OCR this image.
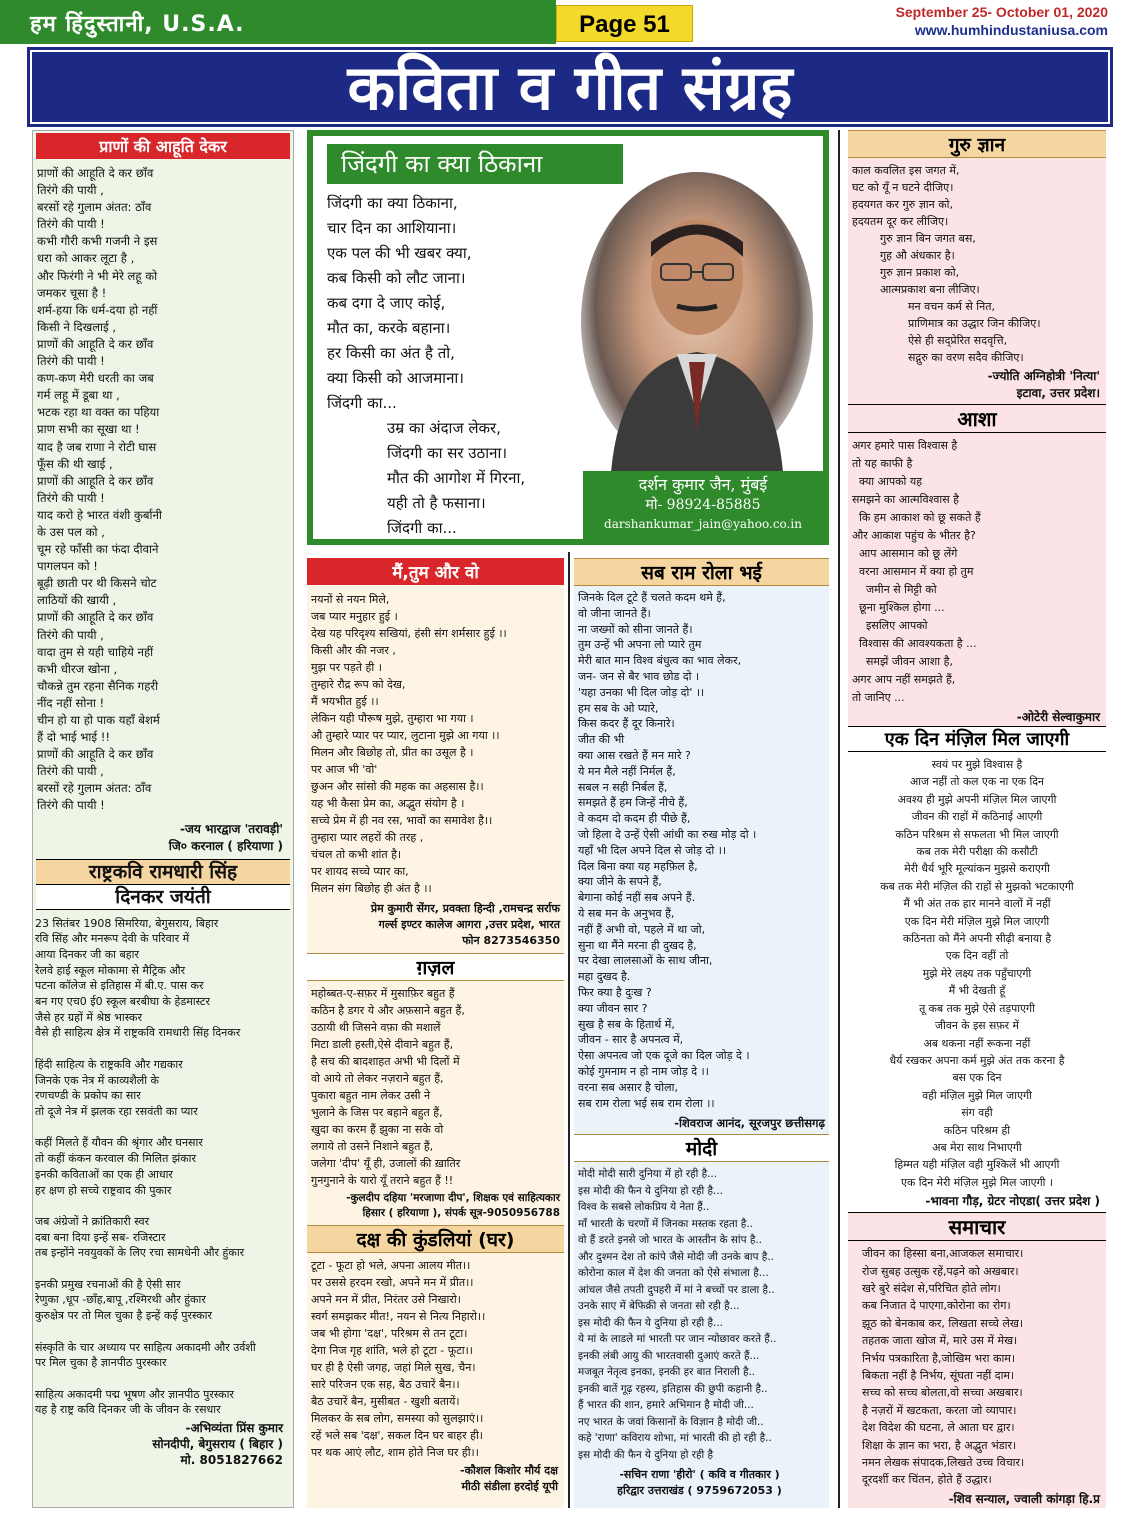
हम हिंदुस्तानी, U.S.A.	Page 51	September 25- October 01, 2020
www.humhindustaniusa.com
कविता व गीत संग्रह
प्राणों की आहूति देकर
प्राणों की आहूति दे कर छाँव
तिरंगे की पायी ,
बरसों रहे गुलाम अंतत: ठाँव
तिरंगे की पायी !
कभी गौरी कभी गजनी ने इस
धरा को आकर लूटा है ,
और फिरंगी ने भी मेरे लहू को
जमकर चूसा है !
शर्म-हया कि धर्म-दया हो नहीं
किसी ने दिखलाई ,
प्राणों की आहूति दे कर छाँव
तिरंगे की पायी !
कण-कण मेरी धरती का जब
गर्म लहू में डूबा था ,
भटक रहा था वक्त का पहिया
प्राण सभी का सूखा था !
याद है जब राणा ने रोटी घास
फूँस की थी खाई ,
प्राणों की आहूति दे कर छाँव
तिरंगे की पायी !
याद करो हे भारत वंशी कुर्बानी
के उस पल को ,
चूम रहे फाँसी का फंदा दीवाने
पागलपन को !
बूढ़ी छाती पर थी किसने चोट
लाठियों की खायी ,
प्राणों की आहूति दे कर छाँव
तिरंगे की पायी ,
वादा तुम से यही चाहिये नहीं
कभी धीरज खोना ,
चौकन्ने तुम रहना सैनिक गहरी
नींद नहीं सोना !
चीन हो या हो पाक यहाँ बेशर्म
हैं दो भाई भाई !!
प्राणों की आहूति दे कर छाँव
तिरंगे की पायी ,
बरसों रहे गुलाम अंतत: ठाँव
तिरंगे की पायी !
-जय भारद्वाज 'तरावड़ी'
जि० करनाल ( हरियाणा )
राष्ट्रकवि रामधारी सिंह
दिनकर जयंती
23 सितंबर 1908 सिमरिया, बेगुसराय, बिहार
रवि सिंह और मनरूप देवी के परिवार में
आया दिनकर जी का बहार
रेलवे हाई स्कूल मोकामा से मैट्रिक और
पटना कॉलेज से इतिहास में बी.ए. पास कर
बन गए एच0 ई0 स्कूल बरबीघा के हेडमास्टर
जैसे हर ग्रहों में श्रेष्ठ भास्कर
वैसे ही साहित्य क्षेत्र में राष्ट्रकवि रामधारी सिंह दिनकर

हिंदी साहित्य के राष्ट्रकवि और गद्यकार
जिनके एक नेत्र में काव्यशैली के
रणचण्डी के प्रकोप का सार
तो दूजे नेत्र में झलक रहा रसवंती का प्यार

कहीं मिलते हैं यौवन की श्रृंगार और घनसार
तो कहीं कंकन करवाल की मिलित झंकार
इनकी कविताओं का एक ही आधार
हर क्षण हो सच्चे राष्ट्रवाद की पुकार

जब अंग्रेजों ने क्रांतिकारी स्वर
दबा बना दिया इन्हें सब- रजिस्टार
तब इन्होंने नवयुवकों के लिए रचा सामधेनी और हुंकार

इनकी प्रमुख रचनाओं की है ऐसी सार
रेणुका ,धूप -छाँह,बापू ,रश्मिरथी और हुंकार
कुरुक्षेत्र पर तो मिल चुका है इन्हें कई पुरस्कार

संस्कृति के चार अध्याय पर साहित्य अकादमी और उर्वशी
पर मिल चुका है ज्ञानपीठ पुरस्कार

साहित्य अकादमी पद्म भूषण और ज्ञानपीठ पुरस्कार
यह है राष्ट्र कवि दिनकर जी के जीवन के रसधार
-अभिव्यंता प्रिंस कुमार
सोनदीपी, बेगुसराय ( बिहार )
मो. 8051827662
जिंदगी का क्या ठिकाना
जिंदगी का क्या ठिकाना,
चार दिन का आशियाना।
एक पल की भी खबर क्या,
कब किसी को लौट जाना।
कब दगा दे जाए कोई,
मौत का, करके बहाना।
हर किसी का अंत है तो,
क्या किसी को आजमाना।
जिंदगी का...
उम्र का अंदाज लेकर,
जिंदगी का सर उठाना।
मौत की आगोश में गिरना,
यही तो है फसाना।
जिंदगी का...
दर्शन कुमार जैन, मुंबई
मो- 98924-85885
darshankumar_jain@yahoo.co.in
मैं,तुम और वो
नयनों से नयन मिले,
जब प्यार मनुहार हुई ।
देख यह परिदृश्य सखियां, हंसी संग शर्मसार हुई ।।
किसी और की नजर ,
मुझ पर पड़ते ही ।
तुम्हारे रौद्र रूप को देख,
मैं भयभीत हुई ।।
लेकिन यही पौरूष मुझे, तुम्हारा भा गया ।
औ तुम्हारे प्यार पर प्यार, लुटाना मुझे आ गया ।।
मिलन और बिछोह तो, प्रीत का उसूल है ।
पर आज भी 'वो'
छुअन और सांसो की महक का अहसास है।।
यह भी कैसा प्रेम का, अद्भुत संयोग है ।
सच्चे प्रेम में ही नव रस, भावों का समावेश है।।
तुम्हारा प्यार लहरों की तरह ,
चंचल तो कभी शांत है।
पर शायद सच्चे प्यार का,
मिलन संग बिछोह ही अंत है ।।
प्रेम कुमारी सेंगर, प्रवक्ता हिन्दी ,रामचन्द्र सर्राफ
गर्ल्स इण्टर कालेज आगरा ,उत्तर प्रदेश, भारत
फोन 8273546350
ग़ज़ल
महोब्बत-ए-सफ़र में मुसाफ़िर बहुत हैं
कठिन है डगर ये और अफ़साने बहुत हैं,
उठायी थी जिसने वफ़ा की मशालें
मिटा डाली हस्ती,ऐसे दीवाने बहुत हैं,
है सच की बादशाहत अभी भी दिलों में
वो आये तो लेकर नज़राने बहुत हैं,
पुकारा बहुत नाम लेकर उसी ने
भुलाने के जिस पर बहाने बहुत हैं,
खुदा का करम हैं झुका ना सके वो
लगाये तो उसने निशाने बहुत हैं,
जलेगा 'दीप' यूँ ही, उजालों की ख़ातिर
गुनगुनाने के यारो यूँ तराने बहुत हैं !!
-कुलदीप दहिया 'मरजाणा दीप', शिक्षक एवं साहित्यकार
हिसार ( हरियाणा ), संपर्क सूत्र-9050956788
दक्ष की कुंडलियां (घर)
टूटा - फूटा हो भले, अपना आलय मीत।।
पर उससे हरदम रखो, अपने मन में प्रीत।।
अपने मन में प्रीत, निरंतर उसे निखारो।
स्वर्ग समझकर मीत!, नयन से नित्य निहारो।।
जब भी होगा 'दक्ष', परिश्रम से तन टूटा।
देगा निज गृह शांति, भले हो टूटा - फूटा।।
घर ही है ऐसी जगह, जहां मिले सुख, चैन।
सारे परिजन एक सह, बैठ उचारें बैन।।
बैठ उचारें बैन, मुसीबत - खुशी बतायें।
मिलकर के सब लोग, समस्या को सुलझाएं।।
रहें भले सब 'दक्ष', सकल दिन घर बाहर ही।
पर थक आएं लौट, शाम होते निज घर ही।।
-कौशल किशोर मौर्य दक्ष
मीठी संडीला हरदोई यूपी
सब राम रोला भई
जिनके दिल टूटे हैं चलते कदम थमे हैं,
वो जीना जानते हैं।
ना जख्मों को सीना जानते हैं।
तुम उन्हें भी अपना लो प्यारे तुम
मेरी बात मान विश्व बंधुत्व का भाव लेकर,
जन- जन से बैर भाव छोड दो ।
'यहा उनका भी दिल जोड़ दो' ।।
हम सब के ओ प्यारे,
किस कदर हैं दूर किनारे।
जीत की भी
क्या आस रखते हैं मन मारे ?
ये मन मैले नहीं निर्मल हैं,
सबल न सही निर्बल हैं,
समझते हैं हम जिन्हें नीचे हैं,
वे कदम दो कदम ही पीछे हैं,
जो हिला दे उन्हें ऐसी आंधी का रुख मोड़ दो ।
यहाँ भी दिल अपने दिल से जोड़ दो ।।
दिल बिना क्या यह महफ़िल है,
क्या जीने के सपने हैं,
बेगाना कोई नहीं सब अपने हैं.
ये सब मन के अनुभव हैं,
नहीं हैं अभी वो, पहले में था जो,
सुना था मैंने मरना ही दुखद है,
पर देखा लालसाओं के साथ जीना,
महा दुखद है.
फिर क्या है दुःख ?
क्या जीवन सार ?
सुख है सब के हितार्थ में,
जीवन - सार है अपनत्व में,
ऐसा अपनत्व जो एक दूजे का दिल जोड़ दे ।
कोई गुमनाम न हो नाम जोड़ दे ।।
वरना सब असार है चोला,
सब राम रोला भई सब राम रोला ।।
-शिवराज आनंद, सूरजपुर छत्तीसगढ़
मोदी
मोदी मोदी सारी दुनिया में हो रही है...
इस मोदी की फैन ये दुनिया हो रही है...
विश्व के सबसे लोकप्रिय ये नेता हैं..
माँ भारती के चरणों में जिनका मस्तक रहता है..
वो हैं डरते इनसे जो भारत के आस्तीन के सांप है..
और दुश्मन देश तो कांपे जैसे मोदी जी उनके बाप है..
कोरोना काल में देश की जनता को ऐसे संभाला है...
आंचल जैसे तपती दुपहरी में मां ने बच्चों पर डाला है..
उनके साए में बेफिक्री से जनता सो रही है...
इस मोदी की फैन ये दुनिया हो रही है...
ये मां के लाडले मां भारती पर जान न्योछावर करते हैं..
इनकी लंबी आयु की भारतवासी दुआएं करते हैं...
मजबूत नेतृत्व इनका, इनकी हर बात निराली है..
इनकी बातें गूढ़ रहस्य, इतिहास की छुपी कहानी है..
हैं भारत की शान, हमारे अभिमान है मोदी जी...
नए भारत के जवां किसानों के विज्ञान है मोदी जी..
कहे 'राणा' कविराय शोभा, मां भारती की हो रही है..
इस मोदी की फैन ये दुनिया हो रही है
-सचिन राणा 'हीरो' ( कवि व गीतकार )
हरिद्वार उत्तराखंड ( 9759672053 )
गुरु ज्ञान
काल कवलित इस जगत में,
घट को यूँ न घटने दीजिए।
हदयगत कर गुरु ज्ञान को,
हदयतम दूर कर लीजिए।
गुरु ज्ञान बिन जगत बस,
गुह औ अंधकार है।
गुरु ज्ञान प्रकाश को,
आत्मप्रकाश बना लीजिए।
मन वचन कर्म से नित,
प्राणिमात्र का उद्धार जिन कीजिए।
ऐसे ही सद्प्रेरित सदवृत्ति,
सद्गुरु का वरण सदैव कीजिए।
-ज्योति अग्निहोत्री 'नित्या'
इटावा, उत्तर प्रदेश।
आशा
अगर हमारे पास विश्वास है
तो यह काफी है
क्या आपको यह
समझने का आत्मविश्वास है
कि हम आकाश को छू सकते हैं
और आकाश पहुंच के भीतर है?
आप आसमान को छू लेंगे
वरना आसमान में क्या हो तुम
जमीन से मिट्टी को
छूना मुश्किल होगा ...
इसलिए आपको
विश्वास की आवश्यकता है ...
समझें जीवन आशा है,
अगर आप नहीं समझते हैं,
तो जानिए ...
-ओटेरी सेल्वाकुमार
एक दिन मंज़िल मिल जाएगी
स्वयं पर मुझे विश्वास है
आज नहीं तो कल एक ना एक दिन
अवश्य ही मुझे अपनी मंज़िल मिल जाएगी
जीवन की राहों में कठिनाई आएगी
कठिन परिश्रम से सफलता भी मिल जाएगी
कब तक मेरी परीक्षा की कसौटी
मेरी धैर्य भूरि मूल्यांकन मुझसे कराएगी
कब तक मेरी मंज़िल की राहों से मुझको भटकाएगी
मैं भी अंत तक हार मानने वालों में नहीं
एक दिन मेरी मंज़िल मुझे मिल जाएगी
कठिनता को मैंने अपनी सीढ़ी बनाया है
एक दिन वहीं तो
मुझे मेरे लक्ष्य तक पहुँचाएगी
मैं भी देखती हूँ
तू कब तक मुझे ऐसे तड़पाएगी
जीवन के इस सफ़र में
अब थकना नहीं रूकना नहीं
धैर्य रखकर अपना कर्म मुझे अंत तक करना है
बस एक दिन
वही मंज़िल मुझे मिल जाएगी
संग वही
कठिन परिश्रम ही
अब मेरा साथ निभाएगी
हिम्मत यही मंज़िल वही मुश्किलें भी आएगी
एक दिन मेरी मंज़िल मुझे मिल जाएगी ।
-भावना गौड़, ग्रेटर नोएडा( उत्तर प्रदेश )
समाचार
जीवन का हिस्सा बना,आजकल समाचार।
रोज सुबह उत्सुक रहें,पढ़ने को अखबार।
खरे बुरे संदेश से,परिचित होते लोग।
कब निजात दे पाएगा,कोरोना का रोग।
झूठ को बेनकाब कर, लिखता सच्चे लेख।
तहतक जाता खोज में, मारे उस में मेख।
निर्भय पत्रकारिता है,जोखिम भरा काम।
बिकता नहीं है निर्भय, सूंघता नहीं दाम।
सच्च को सच्च बोलता,वो सच्चा अखबार।
है नज़रों में खटकता, करता जो व्यापार।
देश विदेश की घटना, ले आता घर द्वार।
शिक्षा के ज्ञान का भरा, है अद्भुत भंडार।
नमन लेखक संपादक,लिखते उच्च विचार।
दूरदर्शी कर चिंतन, होते हैं उद्धार।
-शिव सन्याल, ज्वाली कांगड़ा हि.प्र
